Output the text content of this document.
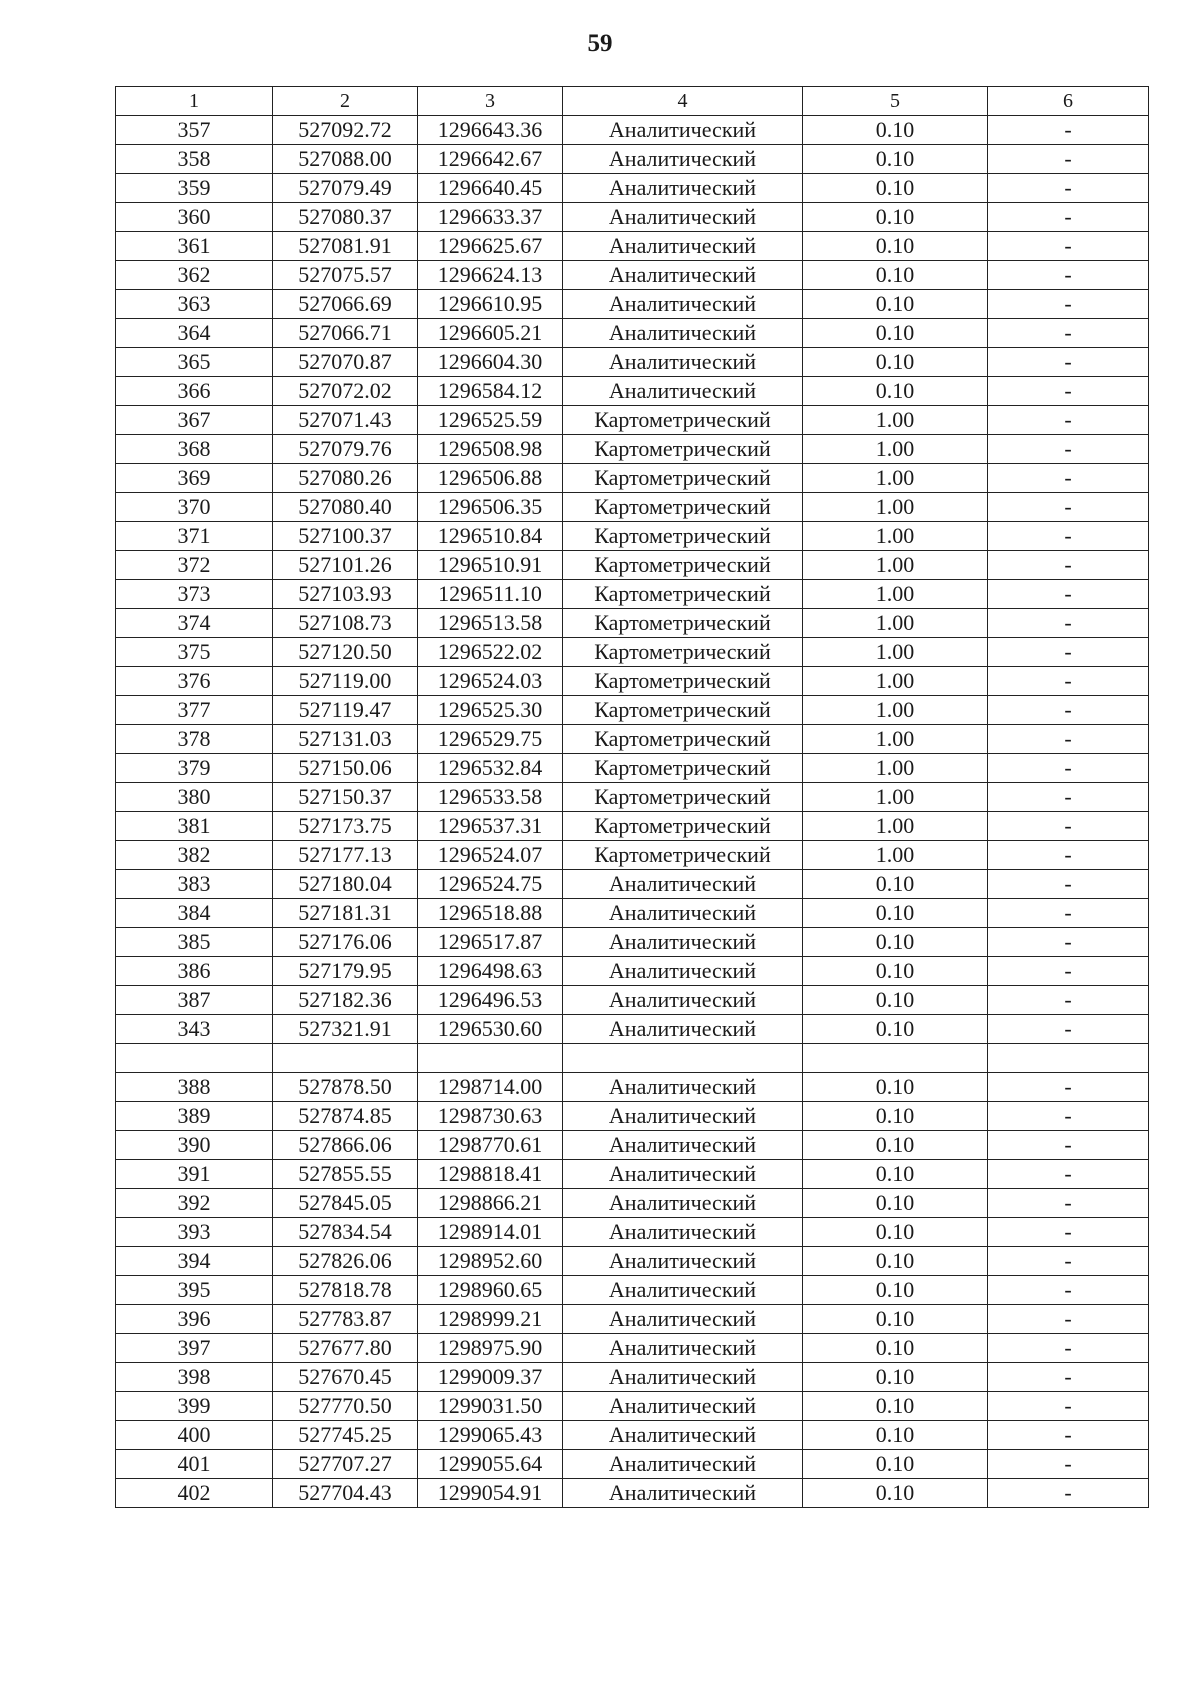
59
1	2	3	4	5	6
357	527092.72	1296643.36	Аналитический	0.10	-
358	527088.00	1296642.67	Аналитический	0.10	-
359	527079.49	1296640.45	Аналитический	0.10	-
360	527080.37	1296633.37	Аналитический	0.10	-
361	527081.91	1296625.67	Аналитический	0.10	-
362	527075.57	1296624.13	Аналитический	0.10	-
363	527066.69	1296610.95	Аналитический	0.10	-
364	527066.71	1296605.21	Аналитический	0.10	-
365	527070.87	1296604.30	Аналитический	0.10	-
366	527072.02	1296584.12	Аналитический	0.10	-
367	527071.43	1296525.59	Картометрический	1.00	-
368	527079.76	1296508.98	Картометрический	1.00	-
369	527080.26	1296506.88	Картометрический	1.00	-
370	527080.40	1296506.35	Картометрический	1.00	-
371	527100.37	1296510.84	Картометрический	1.00	-
372	527101.26	1296510.91	Картометрический	1.00	-
373	527103.93	1296511.10	Картометрический	1.00	-
374	527108.73	1296513.58	Картометрический	1.00	-
375	527120.50	1296522.02	Картометрический	1.00	-
376	527119.00	1296524.03	Картометрический	1.00	-
377	527119.47	1296525.30	Картометрический	1.00	-
378	527131.03	1296529.75	Картометрический	1.00	-
379	527150.06	1296532.84	Картометрический	1.00	-
380	527150.37	1296533.58	Картометрический	1.00	-
381	527173.75	1296537.31	Картометрический	1.00	-
382	527177.13	1296524.07	Картометрический	1.00	-
383	527180.04	1296524.75	Аналитический	0.10	-
384	527181.31	1296518.88	Аналитический	0.10	-
385	527176.06	1296517.87	Аналитический	0.10	-
386	527179.95	1296498.63	Аналитический	0.10	-
387	527182.36	1296496.53	Аналитический	0.10	-
343	527321.91	1296530.60	Аналитический	0.10	-

388	527878.50	1298714.00	Аналитический	0.10	-
389	527874.85	1298730.63	Аналитический	0.10	-
390	527866.06	1298770.61	Аналитический	0.10	-
391	527855.55	1298818.41	Аналитический	0.10	-
392	527845.05	1298866.21	Аналитический	0.10	-
393	527834.54	1298914.01	Аналитический	0.10	-
394	527826.06	1298952.60	Аналитический	0.10	-
395	527818.78	1298960.65	Аналитический	0.10	-
396	527783.87	1298999.21	Аналитический	0.10	-
397	527677.80	1298975.90	Аналитический	0.10	-
398	527670.45	1299009.37	Аналитический	0.10	-
399	527770.50	1299031.50	Аналитический	0.10	-
400	527745.25	1299065.43	Аналитический	0.10	-
401	527707.27	1299055.64	Аналитический	0.10	-
402	527704.43	1299054.91	Аналитический	0.10	-
